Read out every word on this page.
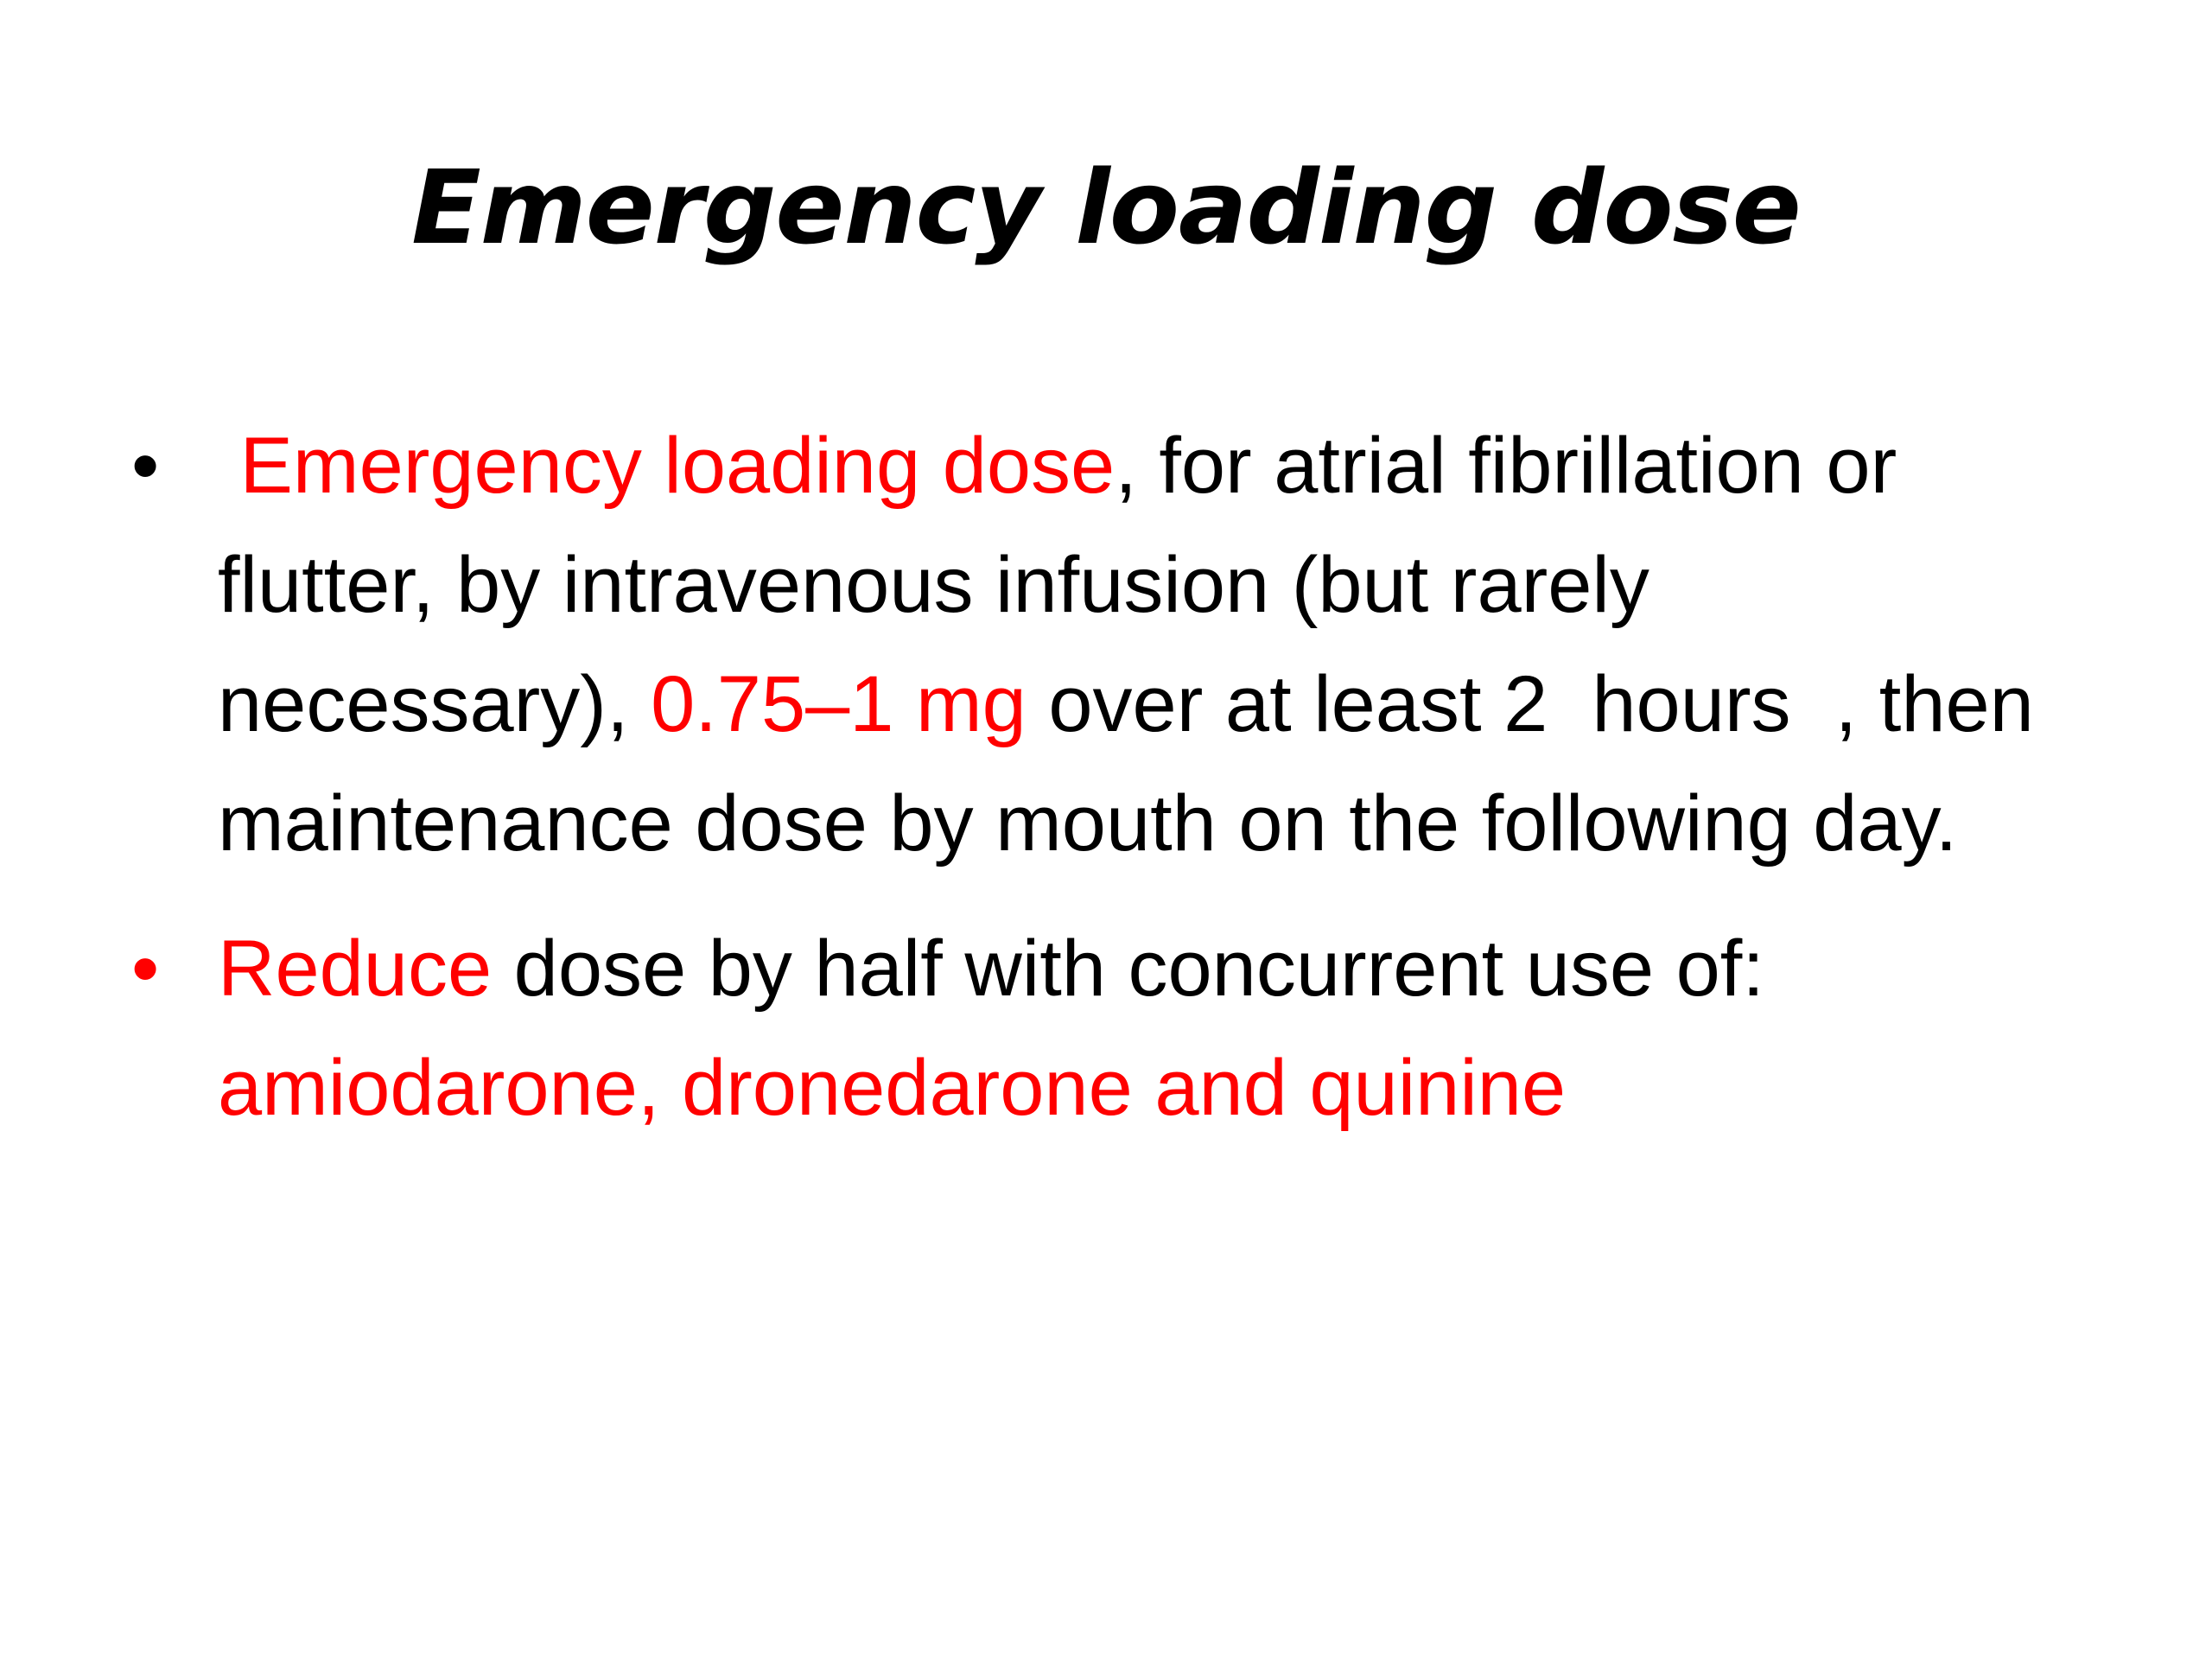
Emergency loading dose
• Emergency loading dose, for atrial fibrillation or flutter, by intravenous infusion (but rarely necessary), 0.75–1 mg over at least 2  hours  , then maintenance dose by mouth on the following day.
• Reduce dose by half with concurrent use of: amiodarone, dronedarone and quinine
